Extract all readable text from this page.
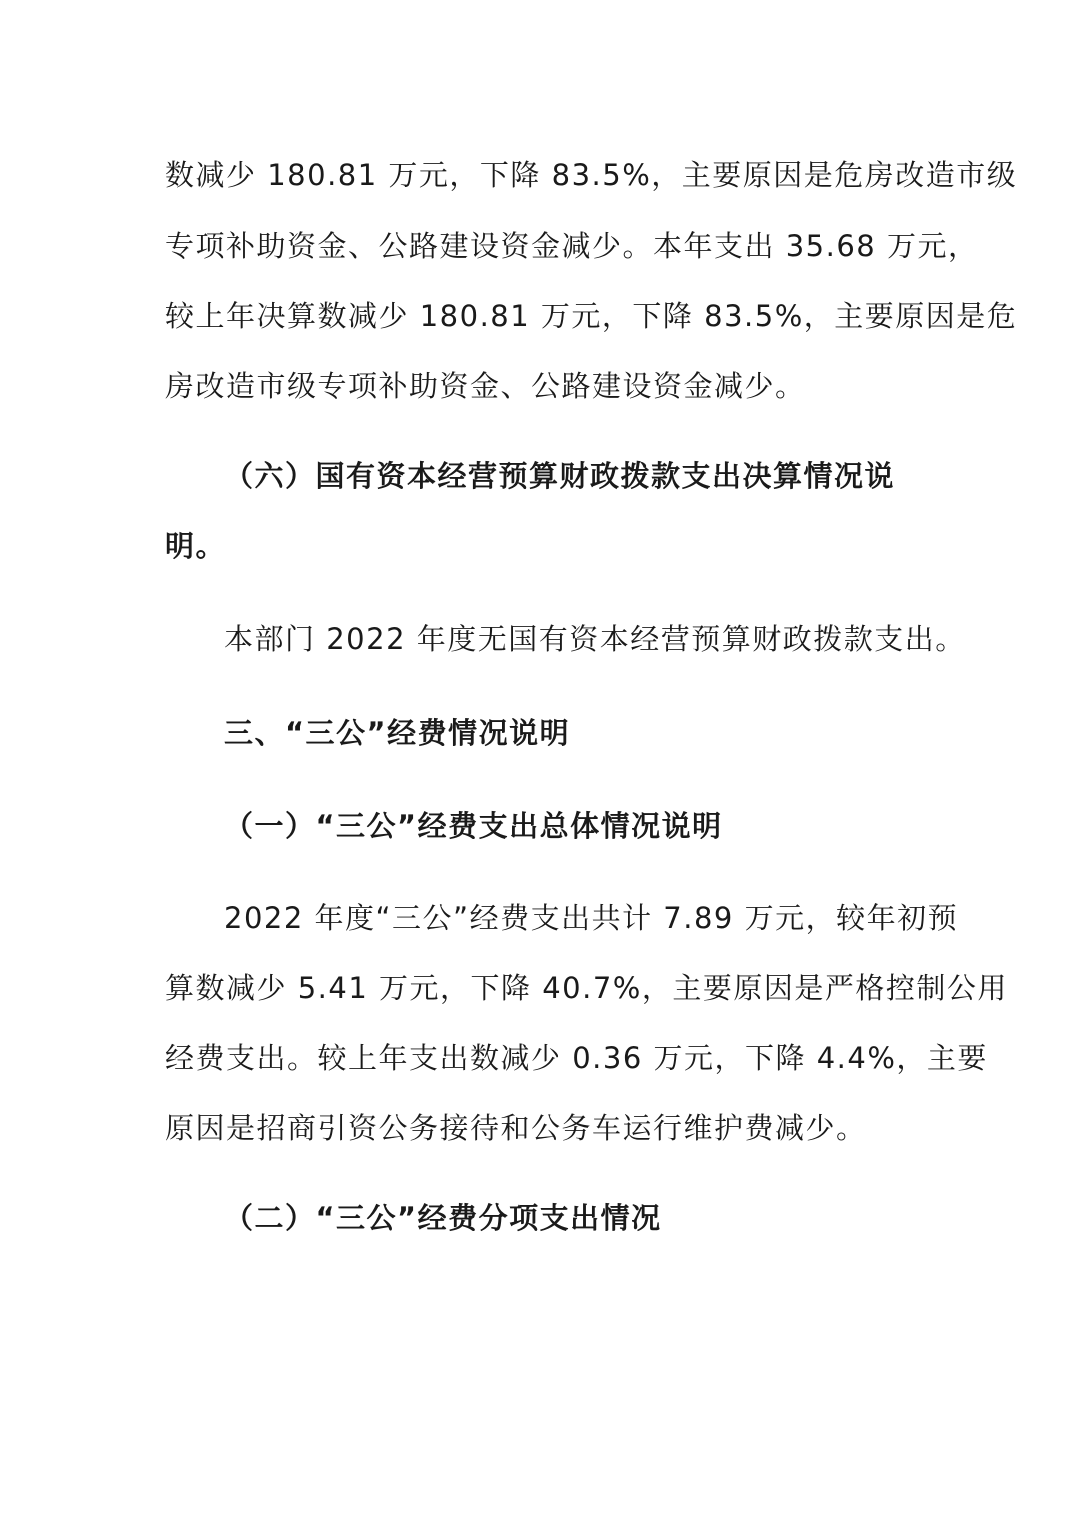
数减少 180.81 万元，下降 83.5%，主要原因是危房改造市级

专项补助资金、公路建设资金减少。本年支出 35.68 万元，

较上年决算数减少 180.81 万元，下降 83.5%，主要原因是危

房改造市级专项补助资金、公路建设资金减少。

（六）国有资本经营预算财政拨款支出决算情况说

明。

本部门 2022 年度无国有资本经营预算财政拨款支出。

三、“三公”经费情况说明

（一）“三公”经费支出总体情况说明

2022 年度“三公”经费支出共计 7.89 万元，较年初预

算数减少 5.41 万元，下降 40.7%，主要原因是严格控制公用

经费支出。较上年支出数减少 0.36 万元，下降 4.4%，主要

原因是招商引资公务接待和公务车运行维护费减少。

（二）“三公”经费分项支出情况
